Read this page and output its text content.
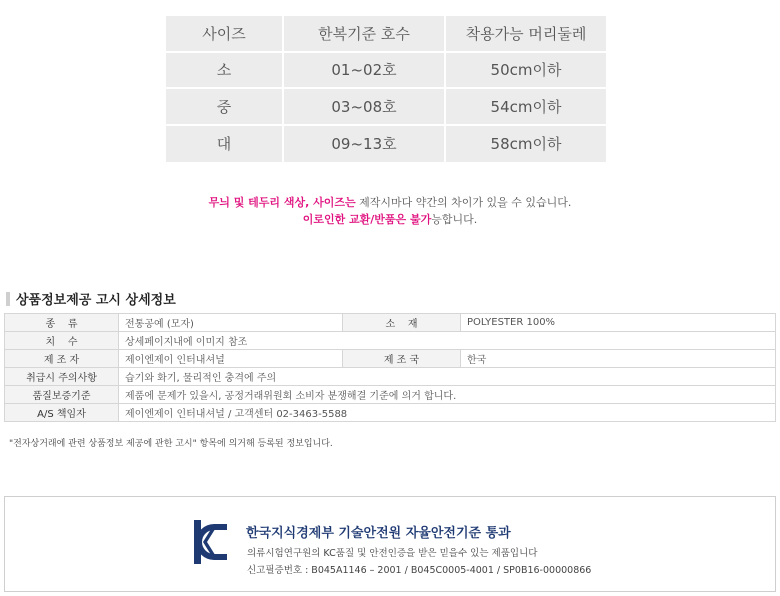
사이즈	한복기준 호수	착용가능 머리둘레
소	01~02호	50cm이하
중	03~08호	54cm이하
대	09~13호	58cm이하
무늬 및 테두리 색상, 사이즈는 제작시마다 약간의 차이가 있을 수 있습니다.
이로인한 교환/반품은 불가능합니다.
상품정보제공 고시 상세정보
종    류	전통공예 (모자)	소    재	POLYESTER 100%
치    수	상세페이지내에 이미지 참조		
제 조 자	제이엔제이 인터내셔널	제 조 국	한국
취급시 주의사항	습기와 화기, 물리적인 충격에 주의		
품질보증기준	제품에 문제가 있을시, 공정거래위원회 소비자 분쟁해결 기준에 의거 합니다.		
A/S 책임자	제이엔제이 인터내셔널 / 고객센터 02-3463-5588		
"전자상거래에 관련 상품정보 제공에 관한 고시" 항목에 의거해 등록된 정보입니다.
KC
한국지식경제부 기술안전원 자율안전기준 통과
의류시험연구원의 KC품질 및 안전인증을 받은 믿을수 있는 제품입니다
신고필증번호 : B045A1146 – 2001 / B045C0005-4001 / SP0B16-00000866
